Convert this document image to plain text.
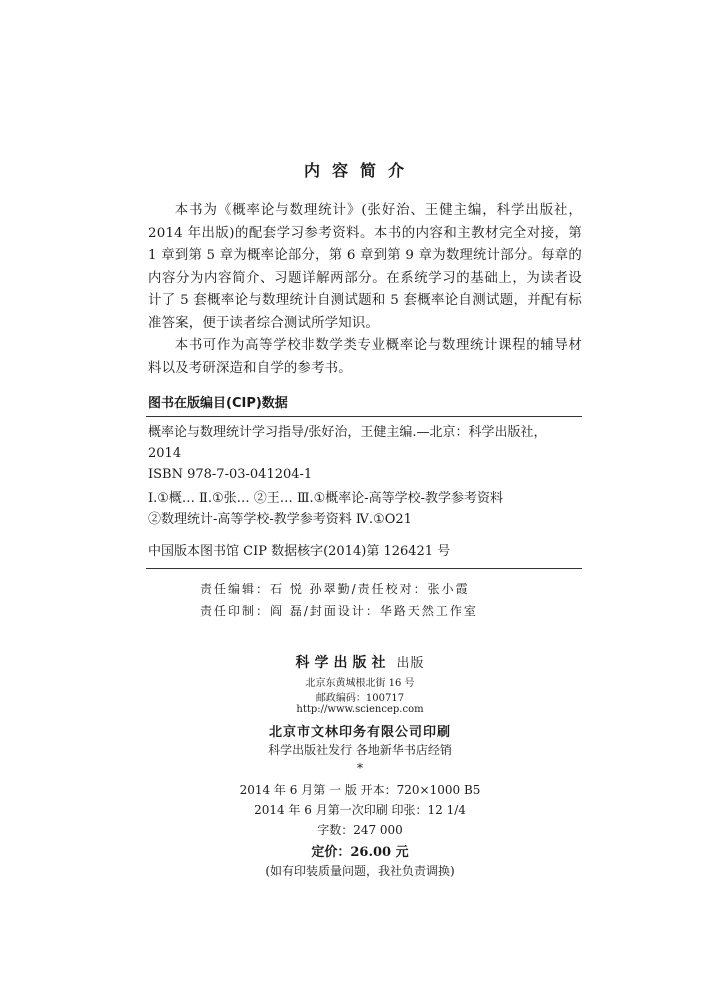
内容简介

本书为《概率论与数理统计》(张好治、王健主编，科学出版社，2014 年出版)的配套学习参考资料。本书的内容和主教材完全对接，第 1 章到第 5 章为概率论部分，第 6 章到第 9 章为数理统计部分。每章的内容分为内容简介、习题详解两部分。在系统学习的基础上，为读者设计了 5 套概率论与数理统计自测试题和 5 套概率论自测试题，并配有标准答案，便于读者综合测试所学知识。

本书可作为高等学校非数学类专业概率论与数理统计课程的辅导材料以及考研深造和自学的参考书。

图书在版编目(CIP)数据
概率论与数理统计学习指导/张好治，王健主编.—北京：科学出版社，
2014
ISBN 978-7-03-041204-1
Ⅰ.①概… Ⅱ.①张… ②王… Ⅲ.①概率论-高等学校-教学参考资料
②数理统计-高等学校-教学参考资料 Ⅳ.①O21
中国版本图书馆 CIP 数据核字(2014)第 126421 号
责任编辑：石 悦 孙翠勤/责任校对：张小霞
责任印制：阎 磊/封面设计：华路天然工作室
科学出版社 出版
北京东黄城根北街 16 号
邮政编码：100717
http://www.sciencep.com
北京市文林印务有限公司印刷
科学出版社发行 各地新华书店经销
*
2014 年 6 月第 一 版 开本：720×1000 B5
2014 年 6 月第一次印刷 印张：12 1/4
字数：247 000
定价：26.00 元
(如有印装质量问题，我社负责调换)
